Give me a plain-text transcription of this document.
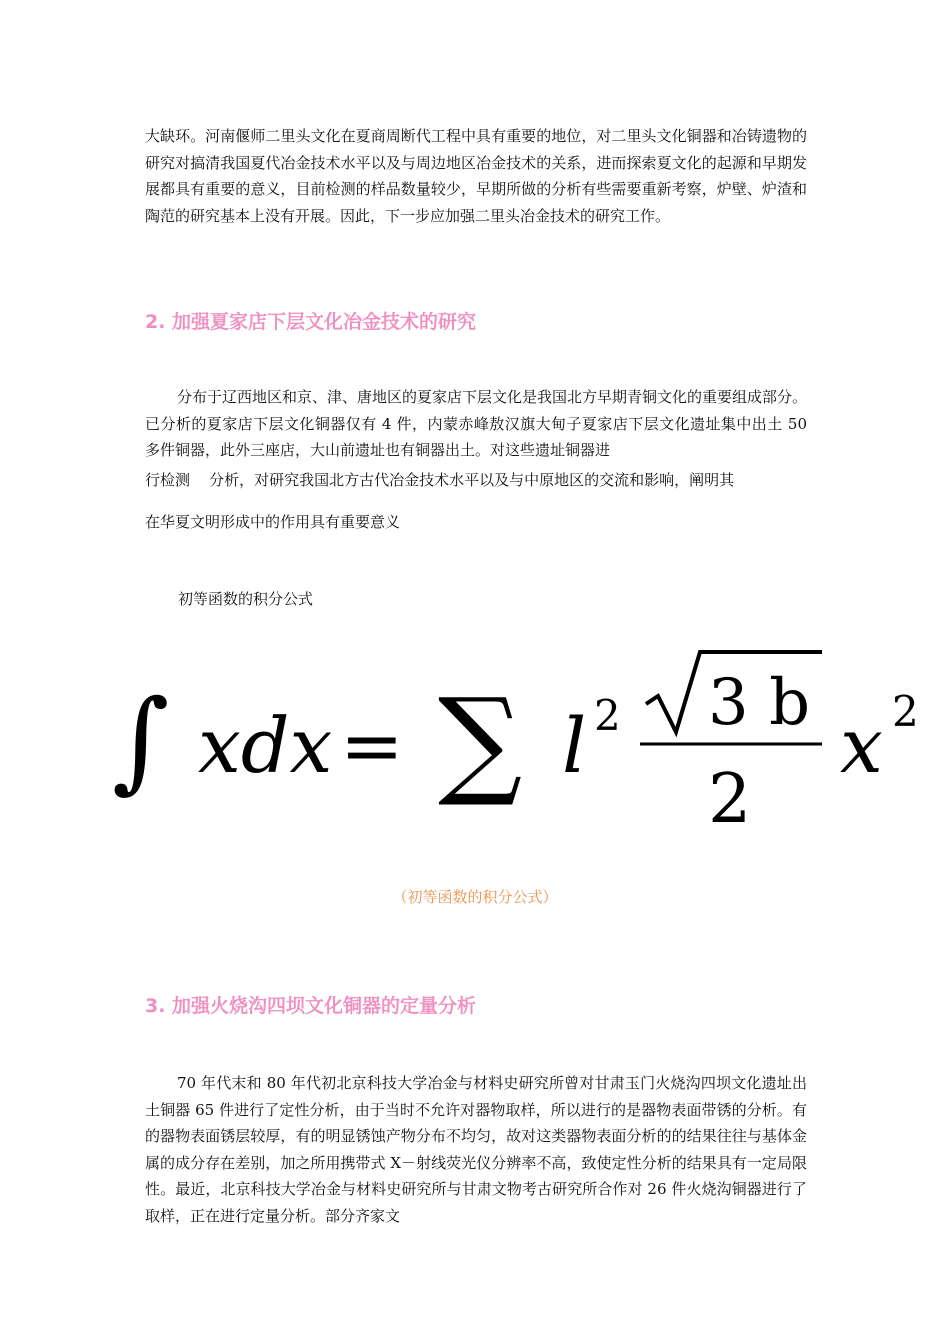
大缺环。河南偃师二里头文化在夏商周断代工程中具有重要的地位，对二里头文化铜器和冶铸遗物的研究对搞清我国夏代冶金技术水平以及与周边地区冶金技术的关系，进而探索夏文化的起源和早期发展都具有重要的意义，目前检测的样品数量较少，早期所做的分析有些需要重新考察，炉壁、炉渣和陶范的研究基本上没有开展。因此，下一步应加强二里头冶金技术的研究工作。

2. 加强夏家店下层文化冶金技术的研究

分布于辽西地区和京、津、唐地区的夏家店下层文化是我国北方早期青铜文化的重要组成部分。已分析的夏家店下层文化铜器仅有 4 件，内蒙赤峰敖汉旗大甸子夏家店下层文化遗址集中出土 50 多件铜器，此外三座店，大山前遗址也有铜器出土。对这些遗址铜器进

行检测    分析，对研究我国北方古代冶金技术水平以及与中原地区的交流和影响，阐明其
在华夏文明形成中的作用具有重要意义
初等函数的积分公式
∫ xdx = ∑ l 2 3 b
2
x 2
（初等函数的积分公式）
3. 加强火烧沟四坝文化铜器的定量分析

70 年代末和 80 年代初北京科技大学冶金与材料史研究所曾对甘肃玉门火烧沟四坝文化遗址出土铜器 65 件进行了定性分析，由于当时不允许对器物取样，所以进行的是器物表面带锈的分析。有的器物表面锈层较厚，有的明显锈蚀产物分布不均匀，故对这类器物表面分析的的结果往往与基体金属的成分存在差别，加之所用携带式 X－射线荧光仪分辨率不高，致使定性分析的结果具有一定局限性。最近，北京科技大学冶金与材料史研究所与甘肃文物考古研究所合作对 26 件火烧沟铜器进行了取样，正在进行定量分析。部分齐家文
